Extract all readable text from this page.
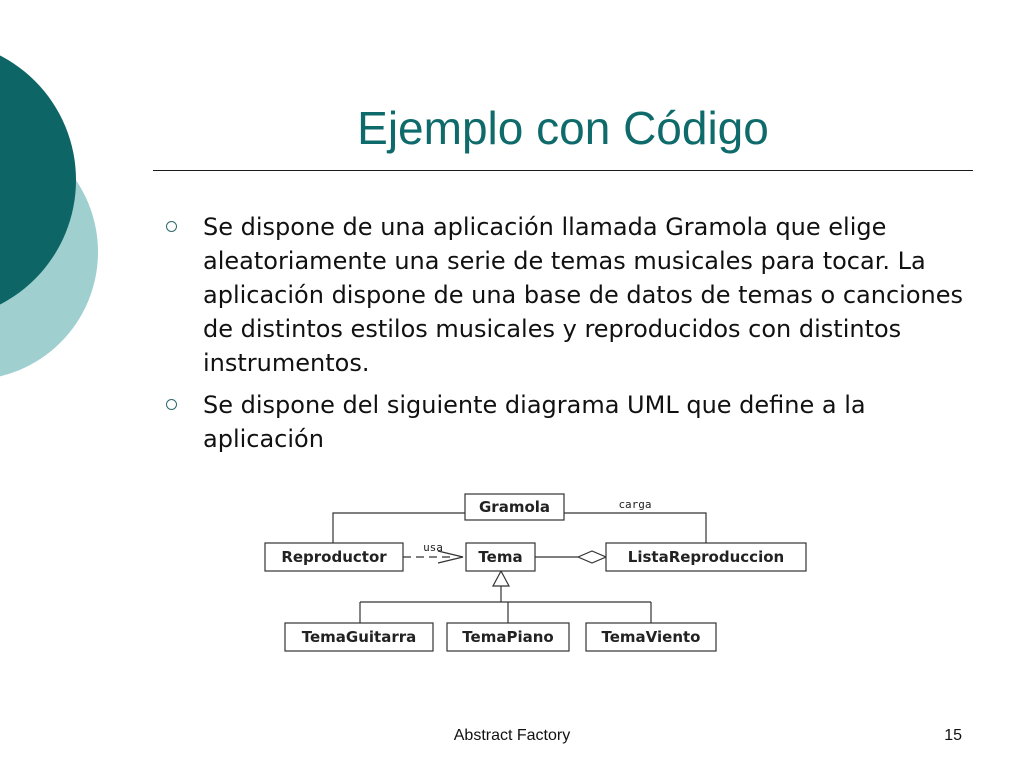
Ejemplo con Código
Se dispone de una aplicación llamada Gramola que elige aleatoriamente una serie de temas musicales para tocar. La aplicación dispone de una base de datos de temas o canciones de distintos estilos musicales y reproducidos con distintos instrumentos.
Se dispone del siguiente diagrama UML que define a la aplicación
Gramola
Reproductor	Tema	ListaReproduccion
TemaGuitarra	TemaPiano	TemaViento
carga
usa
Abstract Factory	15
